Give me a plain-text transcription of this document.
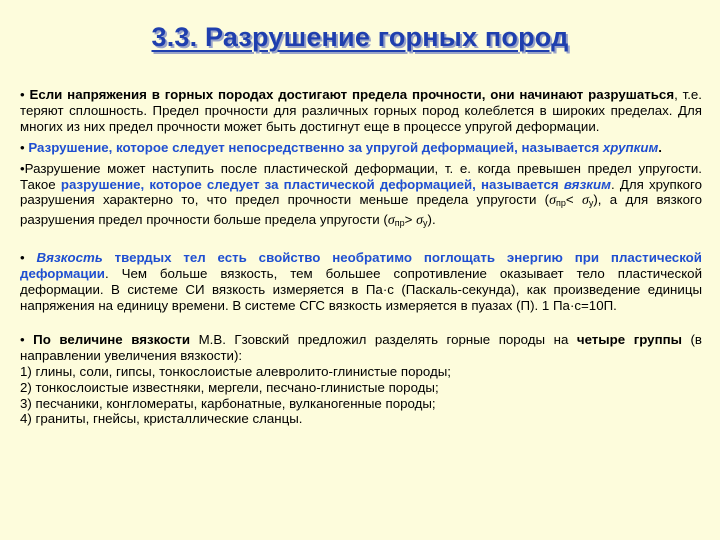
3.3. Разрушение горных пород

• Если напряжения в горных породах достигают предела прочности, они начинают разрушаться, т.е. теряют сплошность. Предел прочности для различных горных пород колеблется в широких пределах. Для многих из них предел прочности может быть достигнут еще в процессе упругой деформации.

• Разрушение, которое следует непосредственно за упругой деформацией, называется хрупким.

•Разрушение может наступить после пластической деформации, т. е. когда превышен предел упругости. Такое разрушение, которое следует за пластической деформацией, называется вязким. Для хрупкого разрушения характерно то, что предел прочности меньше предела упругости $(\sigma_{пр}< \sigma_у)$, а для вязкого разрушения предел прочности больше предела упругости $(\sigma_{пр}> \sigma_у)$.

• Вязкость твердых тел есть свойство необратимо поглощать энергию при пластической деформации. Чем больше вязкость, тем большее сопротивление оказывает тело пластической деформации. В системе СИ вязкость измеряется в Па·с (Паскаль-секунда), как произведение единицы напряжения на единицу времени. В системе СГС вязкость измеряется в пуазах (П). 1 Па·с=10П.

• По величине вязкости М.В. Гзовский предложил разделять горные породы на четыре группы (в направлении увеличения вязкости):

1) глины, соли, гипсы, тонкослоистые алевролито-глинистые породы;

2) тонкослоистые известняки, мергели, песчано-глинистые породы;

3) песчаники, конгломераты, карбонатные, вулканогенные породы;

4) граниты, гнейсы, кристаллические сланцы.
